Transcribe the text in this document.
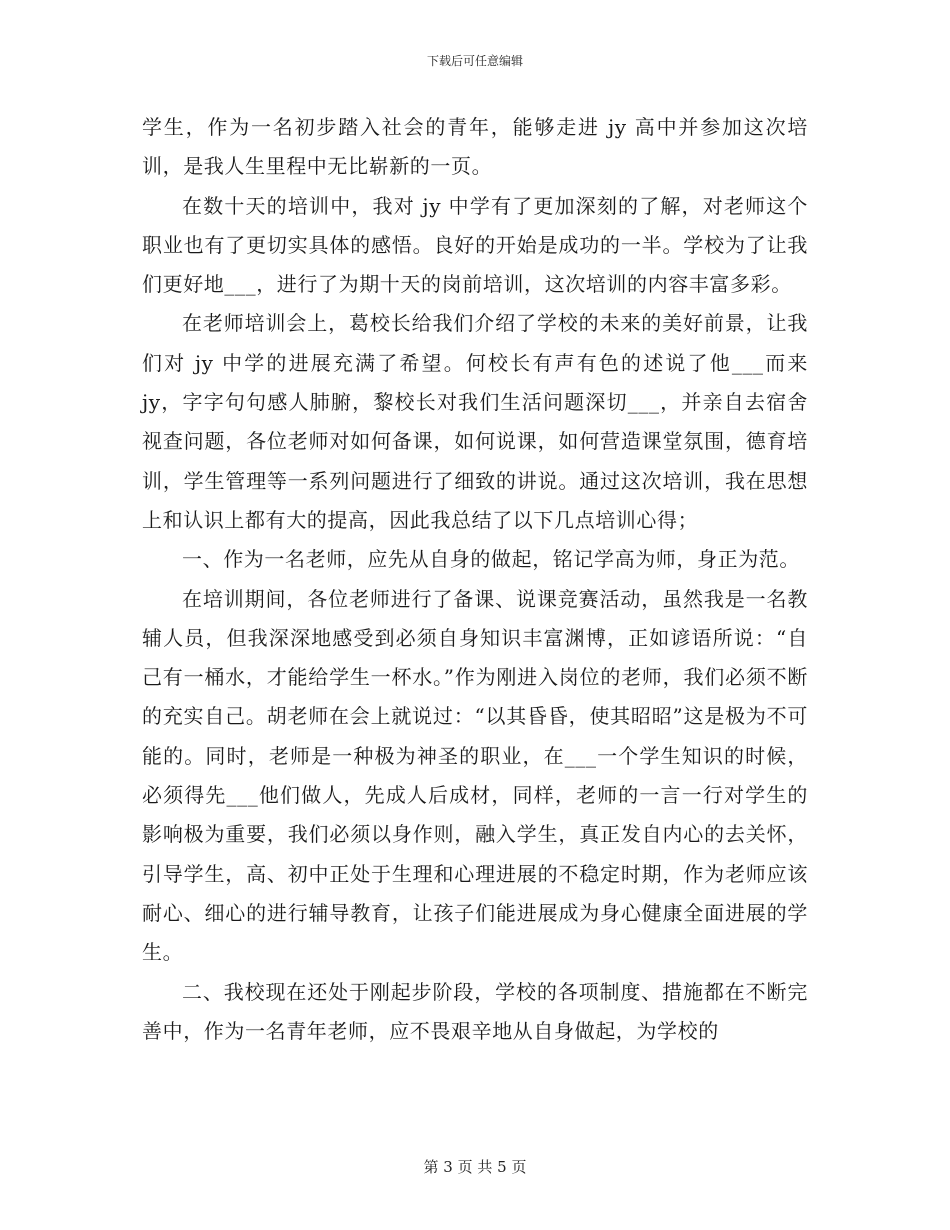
下载后可任意编辑

学生，作为一名初步踏入社会的青年，能够走进 jy 高中并参加这次培训，是我人生里程中无比崭新的一页。

在数十天的培训中，我对 jy 中学有了更加深刻的了解，对老师这个职业也有了更切实具体的感悟。良好的开始是成功的一半。学校为了让我们更好地___，进行了为期十天的岗前培训，这次培训的内容丰富多彩。

在老师培训会上，葛校长给我们介绍了学校的未来的美好前景，让我们对 jy 中学的进展充满了希望。何校长有声有色的述说了他___而来 jy，字字句句感人肺腑，黎校长对我们生活问题深切___，并亲自去宿舍视查问题，各位老师对如何备课，如何说课，如何营造课堂氛围，德育培训，学生管理等一系列问题进行了细致的讲说。通过这次培训，我在思想上和认识上都有大的提高，因此我总结了以下几点培训心得；

一、作为一名老师，应先从自身的做起，铭记学高为师，身正为范。

在培训期间，各位老师进行了备课、说课竞赛活动，虽然我是一名教辅人员，但我深深地感受到必须自身知识丰富渊博，正如谚语所说：“自己有一桶水，才能给学生一杯水。”作为刚进入岗位的老师，我们必须不断的充实自己。胡老师在会上就说过：“以其昏昏，使其昭昭”这是极为不可能的。同时，老师是一种极为神圣的职业，在___一个学生知识的时候，必须得先___他们做人，先成人后成材，同样，老师的一言一行对学生的影响极为重要，我们必须以身作则，融入学生，真正发自内心的去关怀，引导学生，高、初中正处于生理和心理进展的不稳定时期，作为老师应该耐心、细心的进行辅导教育，让孩子们能进展成为身心健康全面进展的学生。

二、我校现在还处于刚起步阶段，学校的各项制度、措施都在不断完善中，作为一名青年老师，应不畏艰辛地从自身做起，为学校的

第 3 页 共 5 页
